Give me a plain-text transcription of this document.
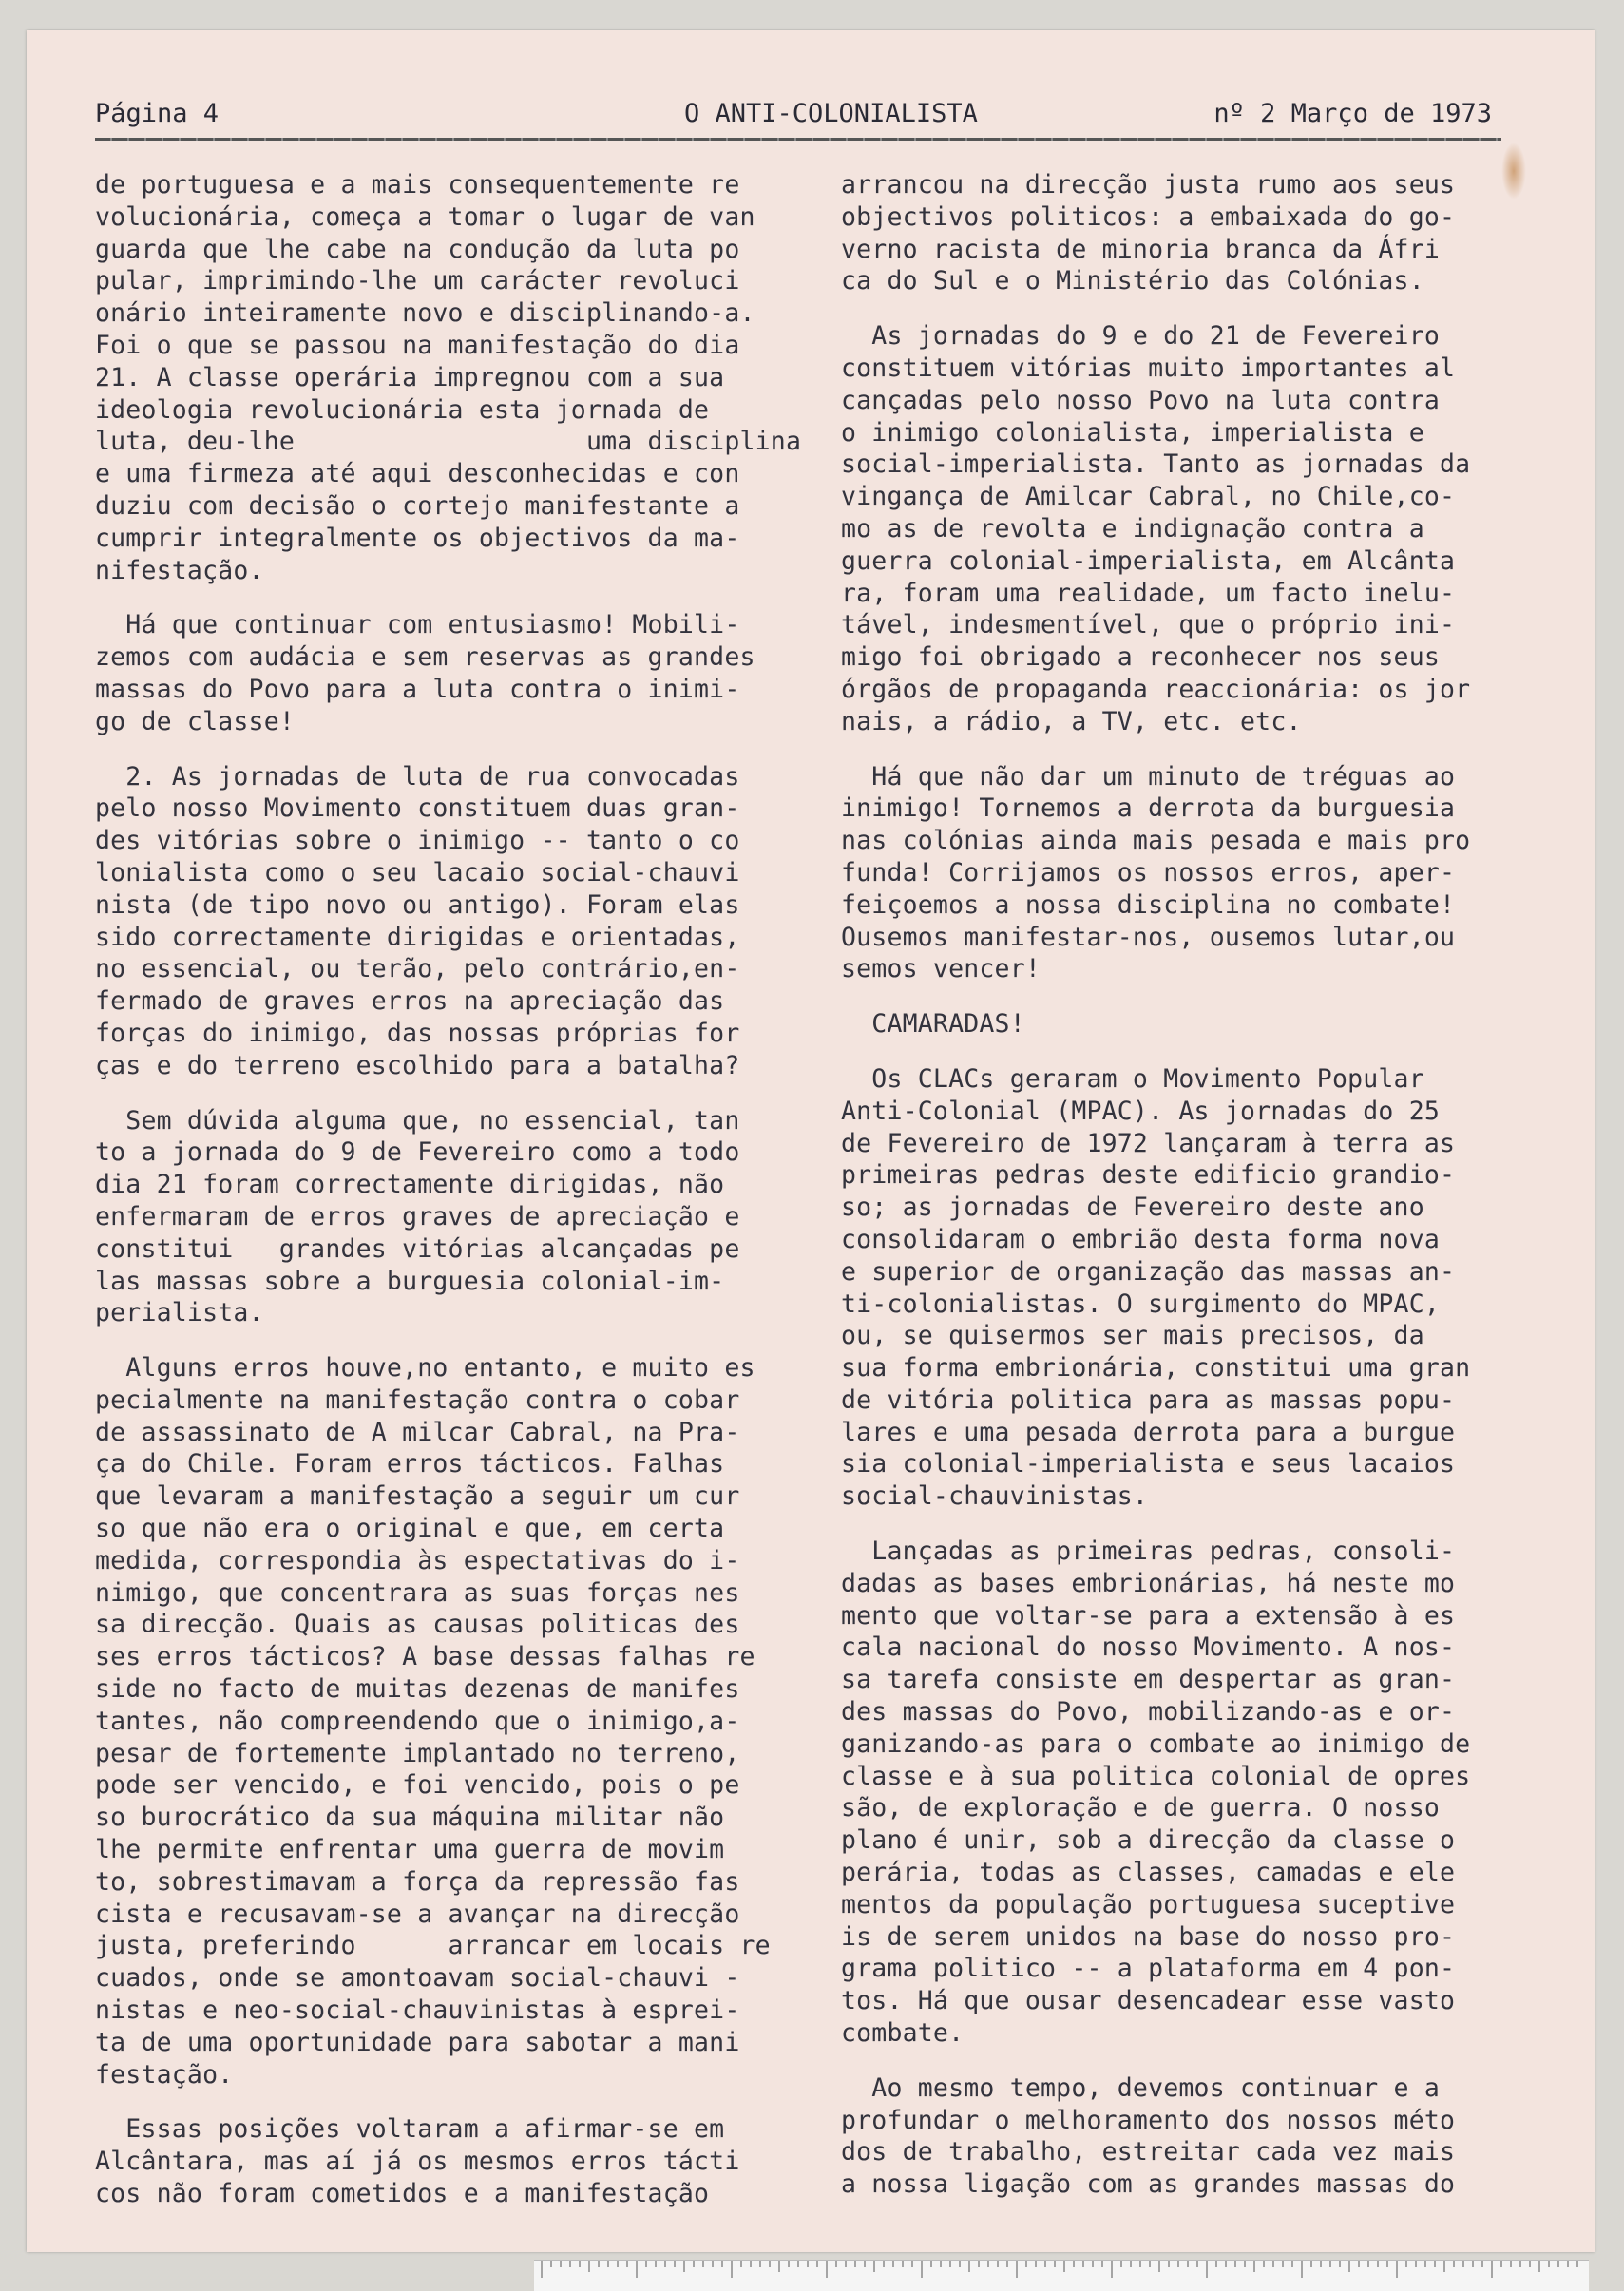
Página 4	O ANTI-COLONIALISTA	nº 2 Março de 1973

de portuguesa e a mais consequentemente re
volucionária, começa a tomar o lugar de van
guarda que lhe cabe na condução da luta po
pular, imprimindo-lhe um carácter revoluci
onário inteiramente novo e disciplinando-a.
Foi o que se passou na manifestação do dia
21. A classe operária impregnou com a sua
ideologia revolucionária esta jornada de
luta, deu-lhe                   uma disciplina
e uma firmeza até aqui desconhecidas e con
duziu com decisão o cortejo manifestante a
cumprir integralmente os objectivos da ma-
nifestação.

Há que continuar com entusiasmo! Mobili-
zemos com audácia e sem reservas as grandes
massas do Povo para a luta contra o inimi-
go de classe!

2. As jornadas de luta de rua convocadas
pelo nosso Movimento constituem duas gran-
des vitórias sobre o inimigo -- tanto o co
lonialista como o seu lacaio social-chauvi
nista (de tipo novo ou antigo). Foram elas
sido correctamente dirigidas e orientadas,
no essencial, ou terão, pelo contrário,en-
fermado de graves erros na apreciação das
forças do inimigo, das nossas próprias for
ças e do terreno escolhido para a batalha?

Sem dúvida alguma que, no essencial, tan
to a jornada do 9 de Fevereiro como a todo
dia 21 foram correctamente dirigidas, não
enfermaram de erros graves de apreciação e
constitui   grandes vitórias alcançadas pe
las massas sobre a burguesia colonial-im-
perialista.

Alguns erros houve,no entanto, e muito es
pecialmente na manifestação contra o cobar
de assassinato de A milcar Cabral, na Pra-
ça do Chile. Foram erros tácticos. Falhas
que levaram a manifestação a seguir um cur
so que não era o original e que, em certa
medida, correspondia às espectativas do i-
nimigo, que concentrara as suas forças nes
sa direcção. Quais as causas politicas des
ses erros tácticos? A base dessas falhas re
side no facto de muitas dezenas de manifes
tantes, não compreendendo que o inimigo,a-
pesar de fortemente implantado no terreno,
pode ser vencido, e foi vencido, pois o pe
so burocrático da sua máquina militar não
lhe permite enfrentar uma guerra de movim
to, sobrestimavam a força da repressão fas
cista e recusavam-se a avançar na direcção
justa, preferindo      arrancar em locais re
cuados, onde se amontoavam social-chauvi -
nistas e neo-social-chauvinistas à esprei-
ta de uma oportunidade para sabotar a mani
festação.

Essas posições voltaram a afirmar-se em
Alcântara, mas aí já os mesmos erros tácti
cos não foram cometidos e a manifestação

arrancou na direcção justa rumo aos seus
objectivos politicos: a embaixada do go-
verno racista de minoria branca da Áfri
ca do Sul e o Ministério das Colónias.

As jornadas do 9 e do 21 de Fevereiro
constituem vitórias muito importantes al
cançadas pelo nosso Povo na luta contra
o inimigo colonialista, imperialista e
social-imperialista. Tanto as jornadas da
vingança de Amilcar Cabral, no Chile,co-
mo as de revolta e indignação contra a
guerra colonial-imperialista, em Alcânta
ra, foram uma realidade, um facto inelu-
tável, indesmentível, que o próprio ini-
migo foi obrigado a reconhecer nos seus
órgãos de propaganda reaccionária: os jor
nais, a rádio, a TV, etc. etc.

Há que não dar um minuto de tréguas ao
inimigo! Tornemos a derrota da burguesia
nas colónias ainda mais pesada e mais pro
funda! Corrijamos os nossos erros, aper-
feiçoemos a nossa disciplina no combate!
Ousemos manifestar-nos, ousemos lutar,ou
semos vencer!

CAMARADAS!

Os CLACs geraram o Movimento Popular
Anti-Colonial (MPAC). As jornadas do 25
de Fevereiro de 1972 lançaram à terra as
primeiras pedras deste edificio grandio-
so; as jornadas de Fevereiro deste ano
consolidaram o embrião desta forma nova
e superior de organização das massas an-
ti-colonialistas. O surgimento do MPAC,
ou, se quisermos ser mais precisos, da
sua forma embrionária, constitui uma gran
de vitória politica para as massas popu-
lares e uma pesada derrota para a burgue
sia colonial-imperialista e seus lacaios
social-chauvinistas.

Lançadas as primeiras pedras, consoli-
dadas as bases embrionárias, há neste mo
mento que voltar-se para a extensão à es
cala nacional do nosso Movimento. A nos-
sa tarefa consiste em despertar as gran-
des massas do Povo, mobilizando-as e or-
ganizando-as para o combate ao inimigo de
classe e à sua politica colonial de opres
são, de exploração e de guerra. O nosso
plano é unir, sob a direcção da classe o
perária, todas as classes, camadas e ele
mentos da população portuguesa suceptive
is de serem unidos na base do nosso pro-
grama politico -- a plataforma em 4 pon-
tos. Há que ousar desencadear esse vasto
combate.

Ao mesmo tempo, devemos continuar e a
profundar o melhoramento dos nossos méto
dos de trabalho, estreitar cada vez mais
a nossa ligação com as grandes massas do
